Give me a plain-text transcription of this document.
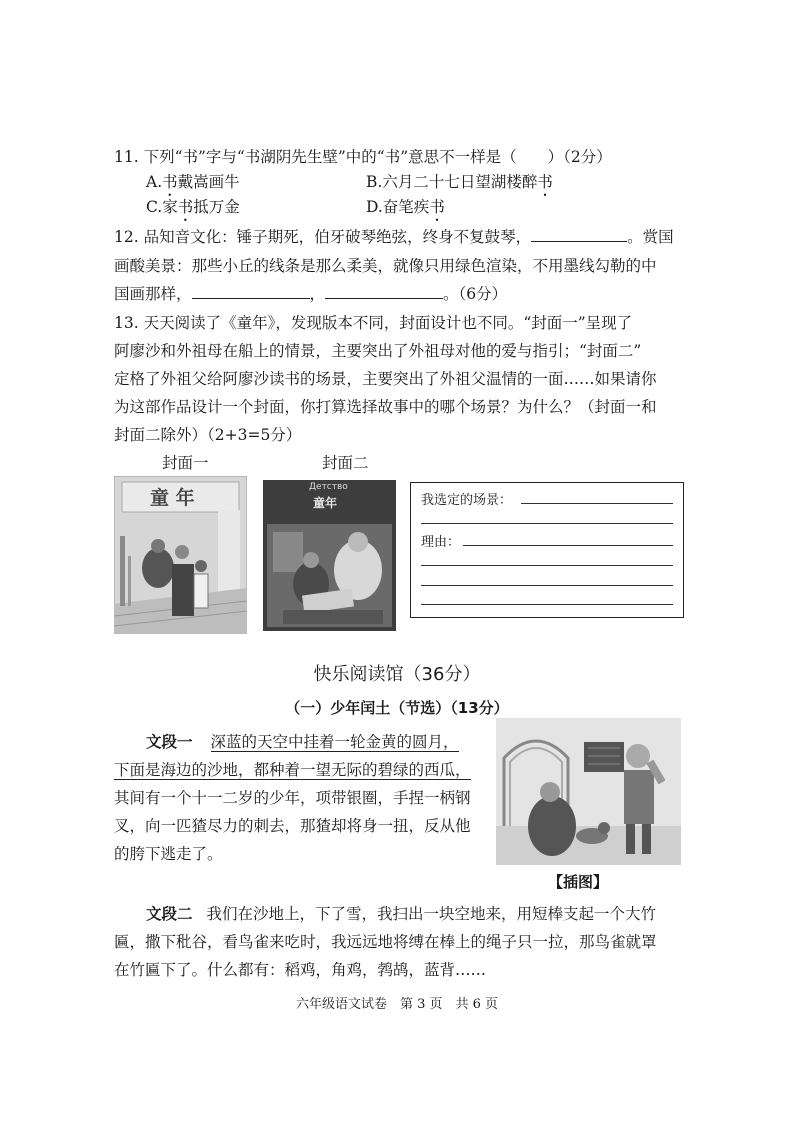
11. 下列“书”字与“书湖阴先生壁”中的“书”意思不一样是（　　）（2分）
A.书戴嵩画牛	B.六月二十七日望湖楼醉书
C.家书抵万金	D.奋笔疾书
12. 品知音文化：锤子期死，伯牙破琴绝弦，终身不复鼓琴，	。赏国
画酸美景：那些小丘的线条是那么柔美，就像只用绿色渲染，不用墨线勾勒的中
国画那样，	，	。（6分）
13. 天天阅读了《童年》，发现版本不同，封面设计也不同。“封面一”呈现了
阿廖沙和外祖母在船上的情景，主要突出了外祖母对他的爱与指引；“封面二”
定格了外祖父给阿廖沙读书的场景，主要突出了外祖父温情的一面……如果请你
为这部作品设计一个封面，你打算选择故事中的哪个场景？为什么？（封面一和
封面二除外）（2+3=5分）
封面一	封面二
童 年	Детство
童年	我选定的场景：
理由：
快乐阅读馆（36分）
（一）少年闰土（节选）（13分）
文段一 深蓝的天空中挂着一轮金黄的圆月，
下面是海边的沙地，都种着一望无际的碧绿的西瓜，
其间有一个十一二岁的少年，项带银圈，手捏一柄钢
叉，向一匹猹尽力的刺去，那猹却将身一扭，反从他
的胯下逃走了。
【插图】
文段二 我们在沙地上，下了雪，我扫出一块空地来，用短棒支起一个大竹
匾，撒下秕谷，看鸟雀来吃时，我远远地将缚在棒上的绳子只一拉，那鸟雀就罩
在竹匾下了。什么都有：稻鸡，角鸡，鹁鸪，蓝背……
六年级语文试卷　第 3 页　共 6 页
